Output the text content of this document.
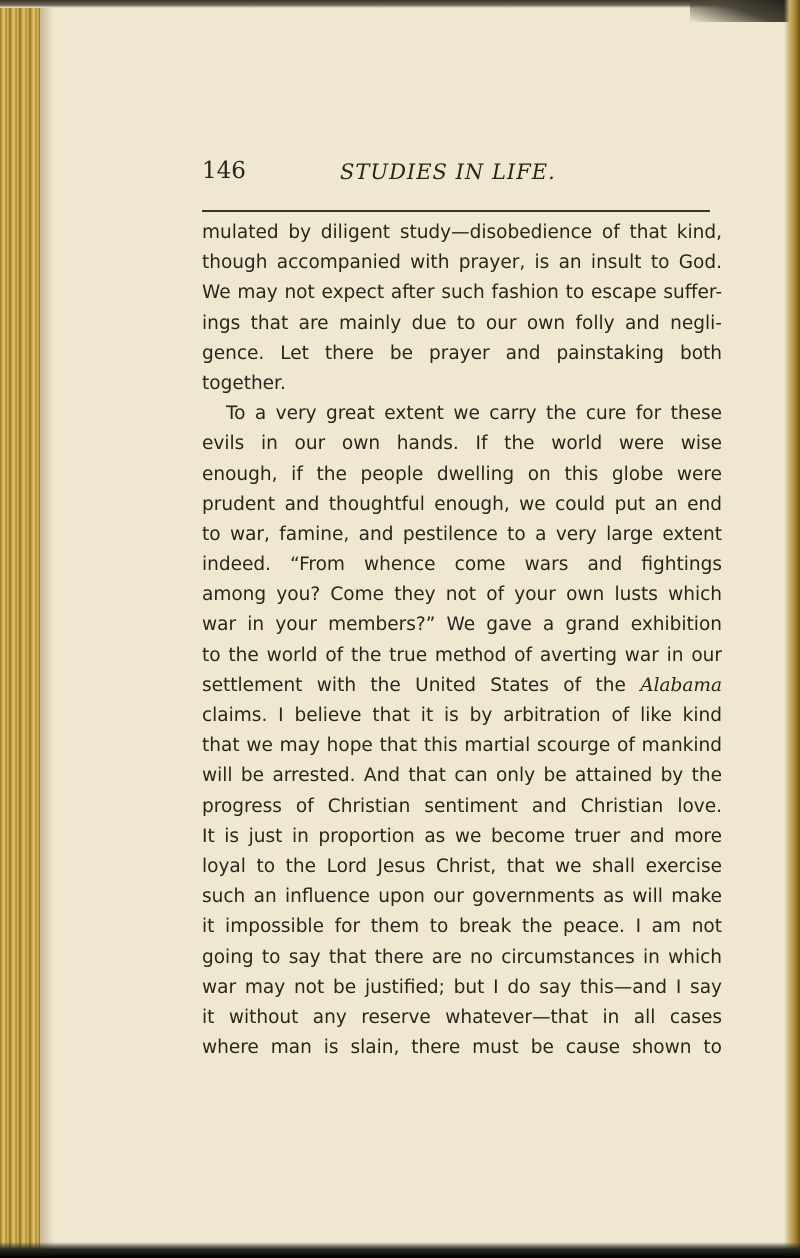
146	STUDIES IN LIFE.
mulated by diligent study—disobedience of that kind,
though accompanied with prayer, is an insult to God.
We may not expect after such fashion to escape suffer-
ings that are mainly due to our own folly and negli-
gence. Let there be prayer and painstaking both
together.
To a very great extent we carry the cure for these
evils in our own hands. If the world were wise
enough, if the people dwelling on this globe were
prudent and thoughtful enough, we could put an end
to war, famine, and pestilence to a very large extent
indeed. “From whence come wars and fightings
among you? Come they not of your own lusts which
war in your members?” We gave a grand exhibition
to the world of the true method of averting war in our
settlement with the United States of the Alabama
claims. I believe that it is by arbitration of like kind
that we may hope that this martial scourge of mankind
will be arrested. And that can only be attained by the
progress of Christian sentiment and Christian love.
It is just in proportion as we become truer and more
loyal to the Lord Jesus Christ, that we shall exercise
such an influence upon our governments as will make
it impossible for them to break the peace. I am not
going to say that there are no circumstances in which
war may not be justified; but I do say this—and I say
it without any reserve whatever—that in all cases
where man is slain, there must be cause shown to
